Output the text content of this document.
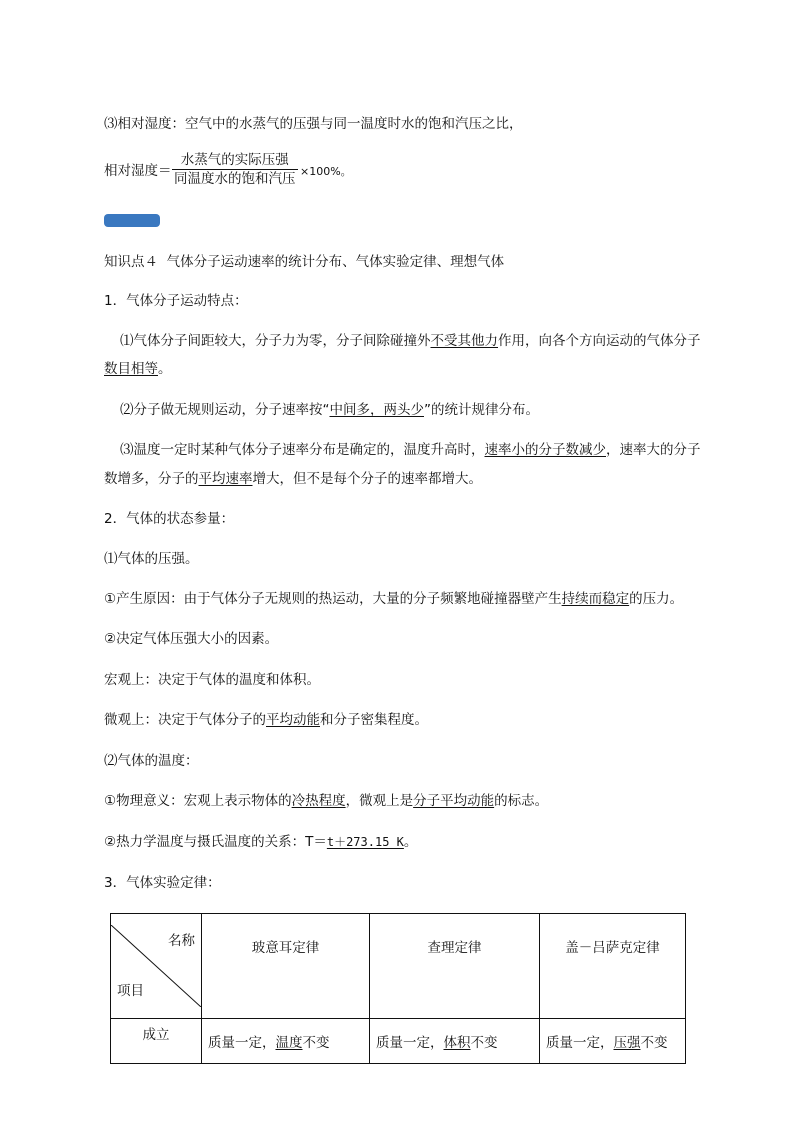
⑶相对湿度：空气中的水蒸气的压强与同一温度时水的饱和汽压之比，
相对湿度＝
水蒸气的实际压强
同温度水的饱和汽压 ×100%。
知识点４ 气体分子运动速率的统计分布、气体实验定律、理想气体
1．气体分子运动特点：
⑴气体分子间距较大，分子力为零，分子间除碰撞外不受其他力作用，向各个方向运动的气体分子
数目相等。
⑵分子做无规则运动，分子速率按“中间多，两头少”的统计规律分布。
⑶温度一定时某种气体分子速率分布是确定的，温度升高时，速率小的分子数减少，速率大的分子
数增多，分子的平均速率增大，但不是每个分子的速率都增大。
2．气体的状态参量：
⑴气体的压强。
①产生原因：由于气体分子无规则的热运动，大量的分子频繁地碰撞器壁产生持续而稳定的压力。
②决定气体压强大小的因素。
宏观上：决定于气体的温度和体积。
微观上：决定于气体分子的平均动能和分子密集程度。
⑵气体的温度：
①物理意义：宏观上表示物体的冷热程度，微观上是分子平均动能的标志。
②热力学温度与摄氏温度的关系：T＝t＋273.15 K。
3．气体实验定律：
名称
项目	玻意耳定律	查理定律	盖－吕萨克定律
成立	质量一定，温度不变	质量一定，体积不变	质量一定，压强不变
